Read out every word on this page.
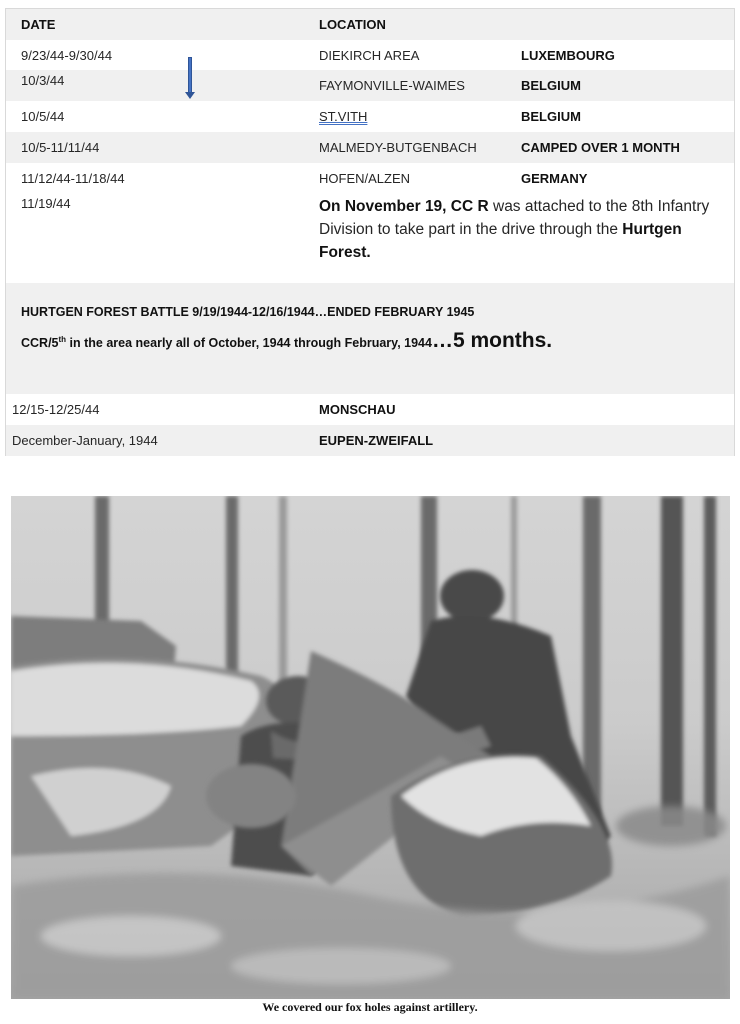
DATE	LOCATION
9/23/44-9/30/44	DIEKIRCH AREA	LUXEMBOURG
10/3/44	FAYMONVILLE-WAIMES	BELGIUM
10/5/44	ST.VITH	BELGIUM
10/5-11/11/44	MALMEDY-BUTGENBACH	CAMPED OVER 1 MONTH
11/12/44-11/18/44	HOFEN/ALZEN	GERMANY
11/19/44	On November 19, CC R was attached to the 8th Infantry Division to take part in the drive through the Hurtgen Forest.
HURTGEN FOREST BATTLE 9/19/1944-12/16/1944…ENDED FEBRUARY 1945
CCR/5th in the area nearly all of October, 1944 through February, 1944…5 months.
12/15-12/25/44	MONSCHAU
December-January, 1944	EUPEN-ZWEIFALL
We covered our fox holes against artillery.
